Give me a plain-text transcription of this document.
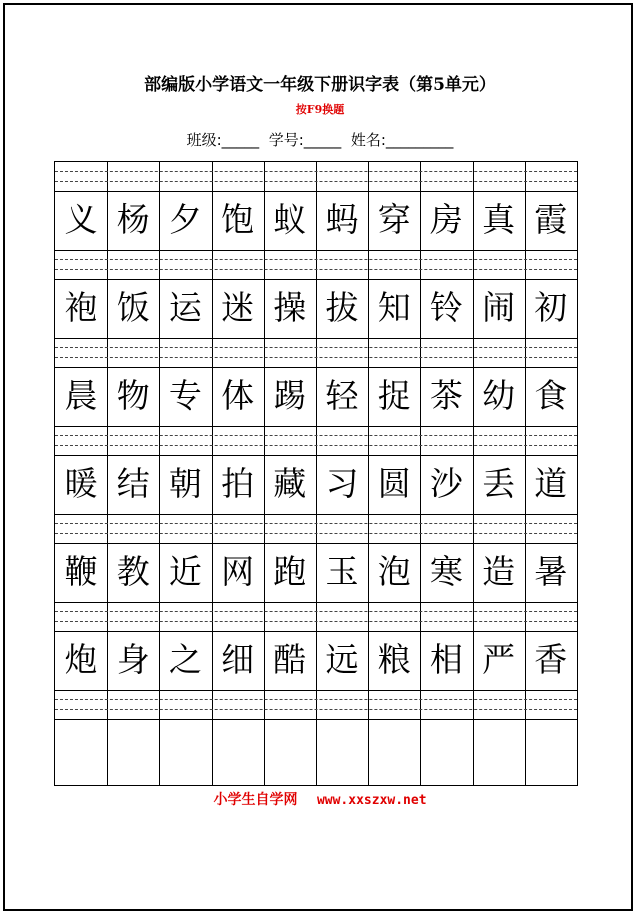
部编版小学语文一年级下册识字表（第5单元）
按F9换题
班级:_____ 学号:_____ 姓名:_________
义 杨 夕 饱 蚁 蚂 穿 房 真 霞
袍 饭 运 迷 操 拔 知 铃 闹 初
晨 物 专 体 踢 轻 捉 茶 幼 食
暖 结 朝 拍 藏 习 圆 沙 丢 道
鞭 教 近 网 跑 玉 泡 寒 造 暑
炮 身 之 细 酷 远 粮 相 严 香
小学生自学网 www.xxszxw.net
